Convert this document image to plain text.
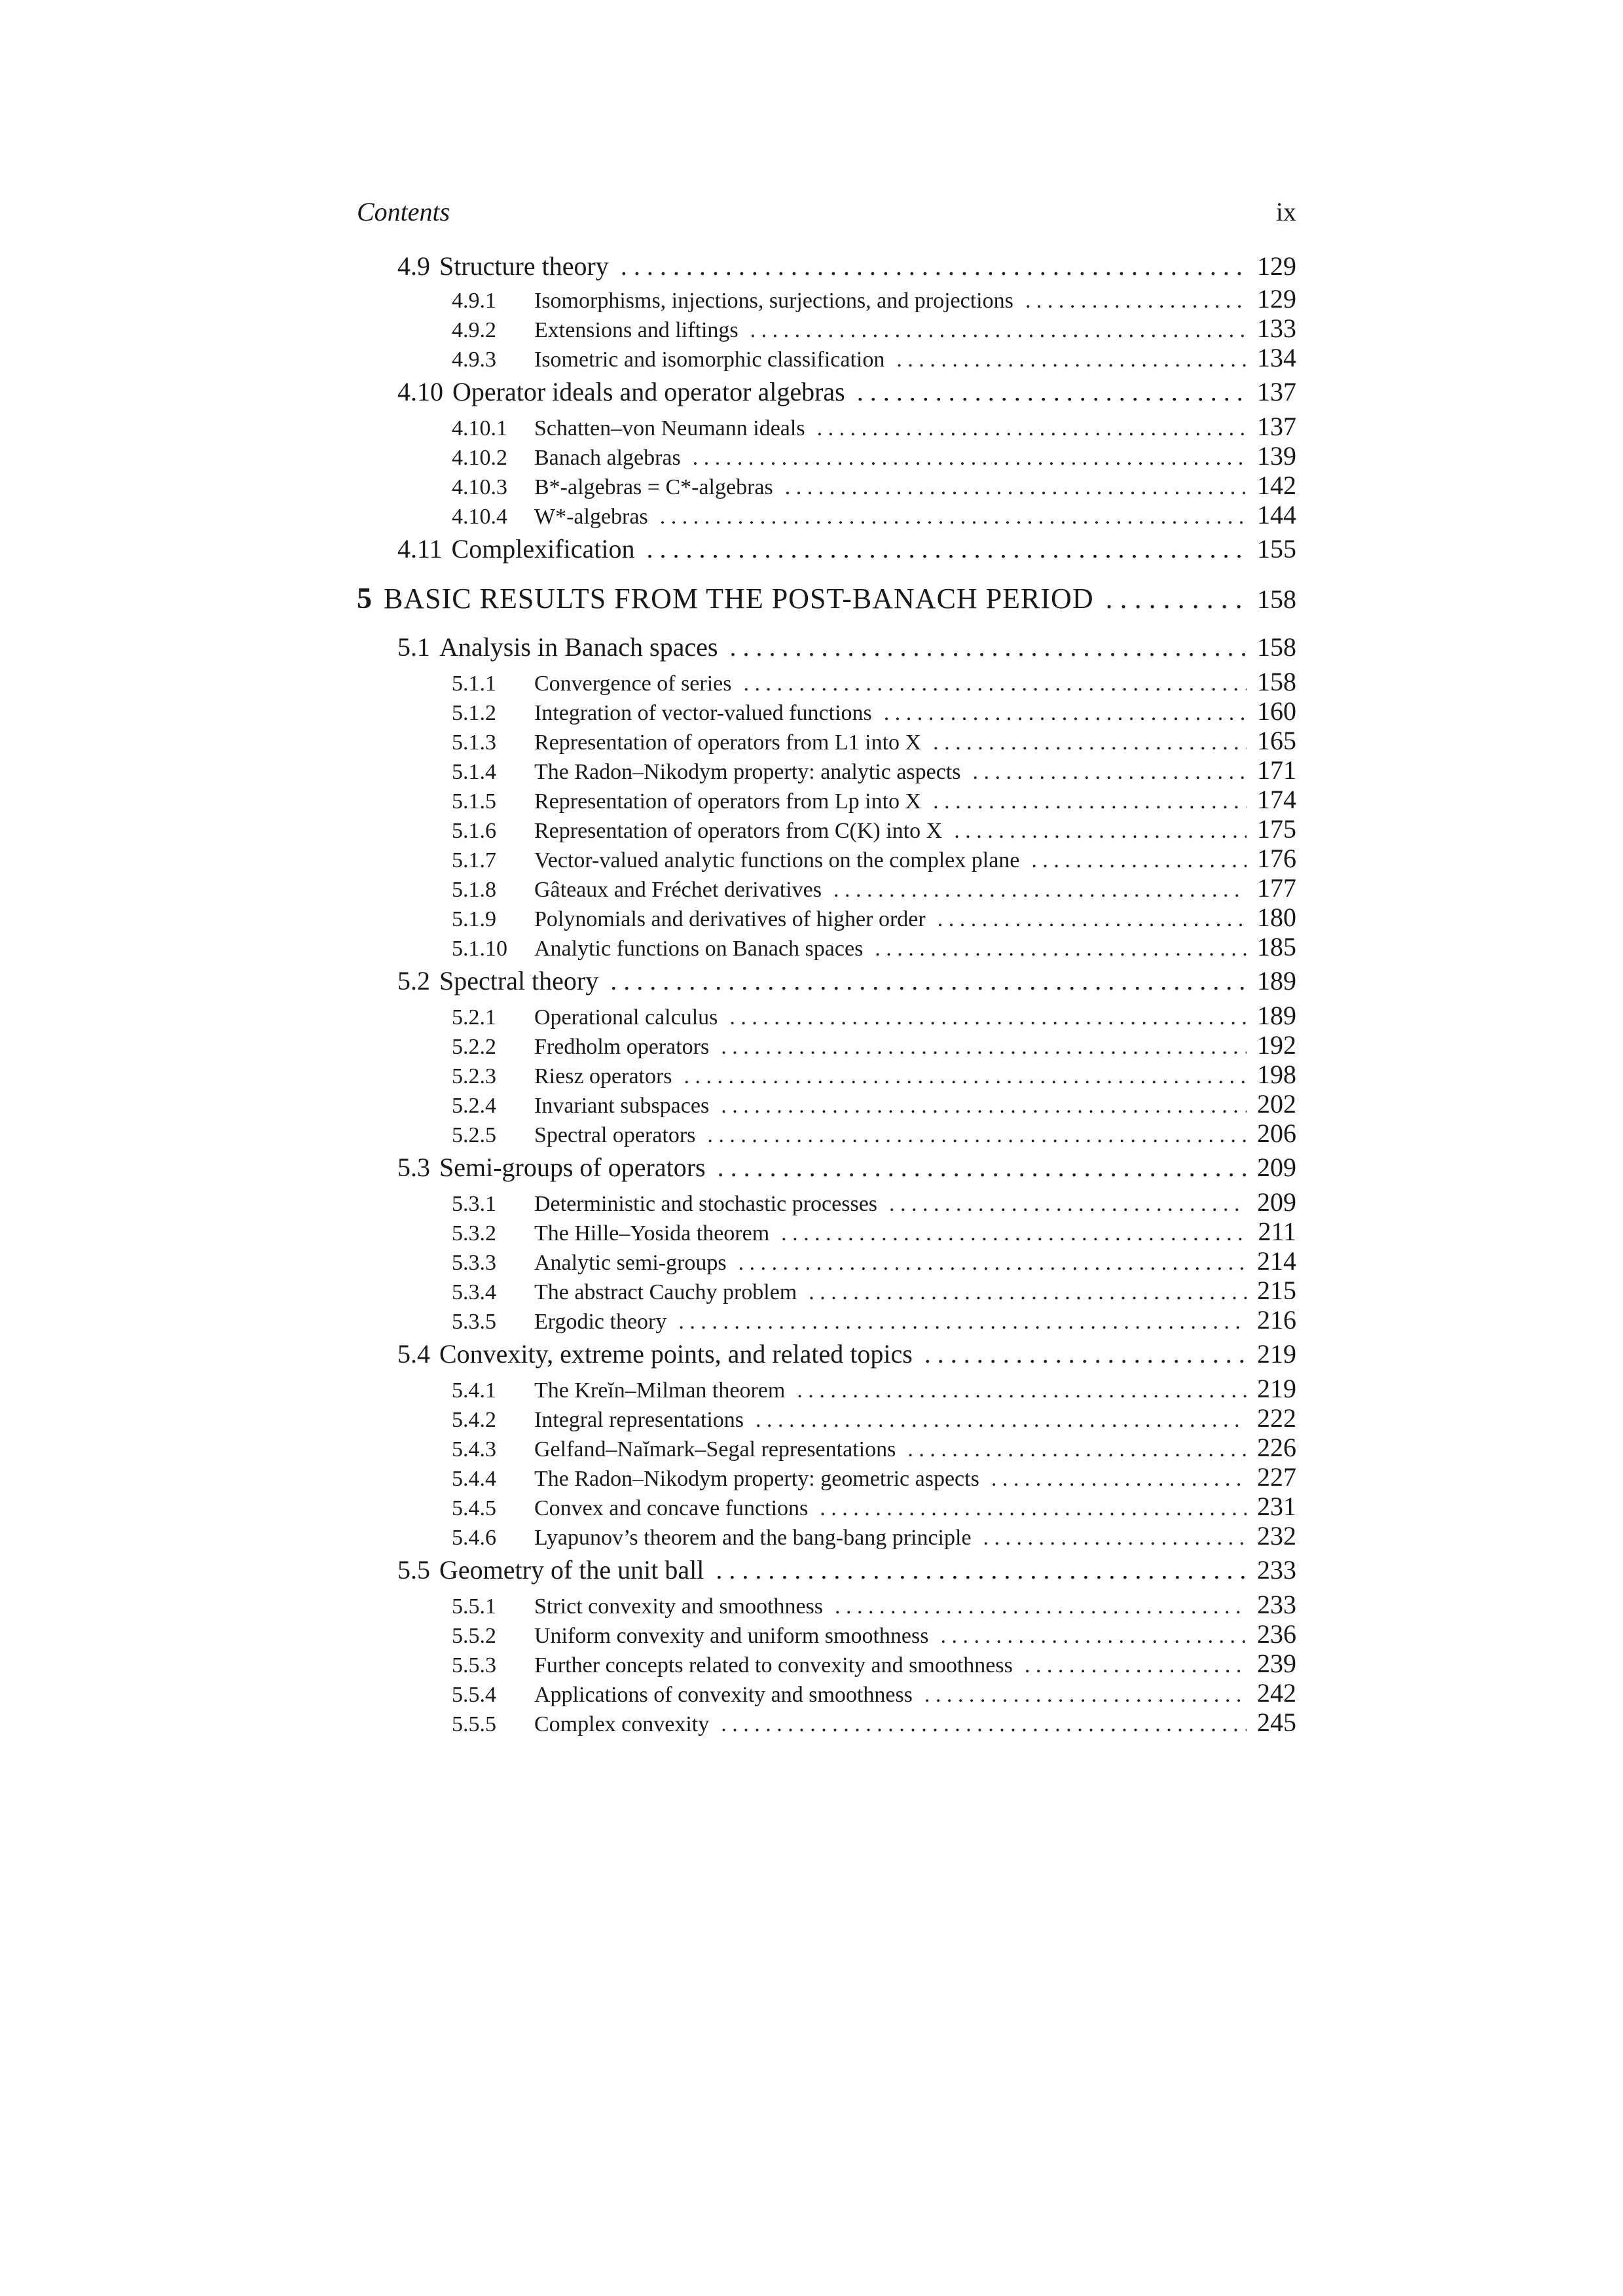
Contents	ix
4.9 Structure theory . . .	129
4.9.1	Isomorphisms, injections, surjections, and projections . . .	129
4.9.2	Extensions and liftings . . .	133
4.9.3	Isometric and isomorphic classification . . .	134
4.10 Operator ideals and operator algebras . . .	137
4.10.1	Schatten–von Neumann ideals . . .	137
4.10.2	Banach algebras . . .	139
4.10.3	B*-algebras = C*-algebras . . .	142
4.10.4	W*-algebras . . .	144
4.11 Complexification . . .	155
5 BASIC RESULTS FROM THE POST-BANACH PERIOD . . .	158
5.1 Analysis in Banach spaces . . .	158
5.1.1	Convergence of series . . .	158
5.1.2	Integration of vector-valued functions . . .	160
5.1.3	Representation of operators from L1 into X . . .	165
5.1.4	The Radon–Nikodym property: analytic aspects . . .	171
5.1.5	Representation of operators from Lp into X . . .	174
5.1.6	Representation of operators from C(K) into X . . .	175
5.1.7	Vector-valued analytic functions on the complex plane . . .	176
5.1.8	Gâteaux and Fréchet derivatives . . .	177
5.1.9	Polynomials and derivatives of higher order . . .	180
5.1.10	Analytic functions on Banach spaces . . .	185
5.2 Spectral theory . . .	189
5.2.1	Operational calculus . . .	189
5.2.2	Fredholm operators . . .	192
5.2.3	Riesz operators . . .	198
5.2.4	Invariant subspaces . . .	202
5.2.5	Spectral operators . . .	206
5.3 Semi-groups of operators . . .	209
5.3.1	Deterministic and stochastic processes . . .	209
5.3.2	The Hille–Yosida theorem . . .	211
5.3.3	Analytic semi-groups . . .	214
5.3.4	The abstract Cauchy problem . . .	215
5.3.5	Ergodic theory . . .	216
5.4 Convexity, extreme points, and related topics . . .	219
5.4.1	The Kreĭn–Milman theorem . . .	219
5.4.2	Integral representations . . .	222
5.4.3	Gelfand–Naĭmark–Segal representations . . .	226
5.4.4	The Radon–Nikodym property: geometric aspects . . .	227
5.4.5	Convex and concave functions . . .	231
5.4.6	Lyapunov’s theorem and the bang-bang principle . . .	232
5.5 Geometry of the unit ball . . .	233
5.5.1	Strict convexity and smoothness . . .	233
5.5.2	Uniform convexity and uniform smoothness . . .	236
5.5.3	Further concepts related to convexity and smoothness . . .	239
5.5.4	Applications of convexity and smoothness . . .	242
5.5.5	Complex convexity . . .	245
